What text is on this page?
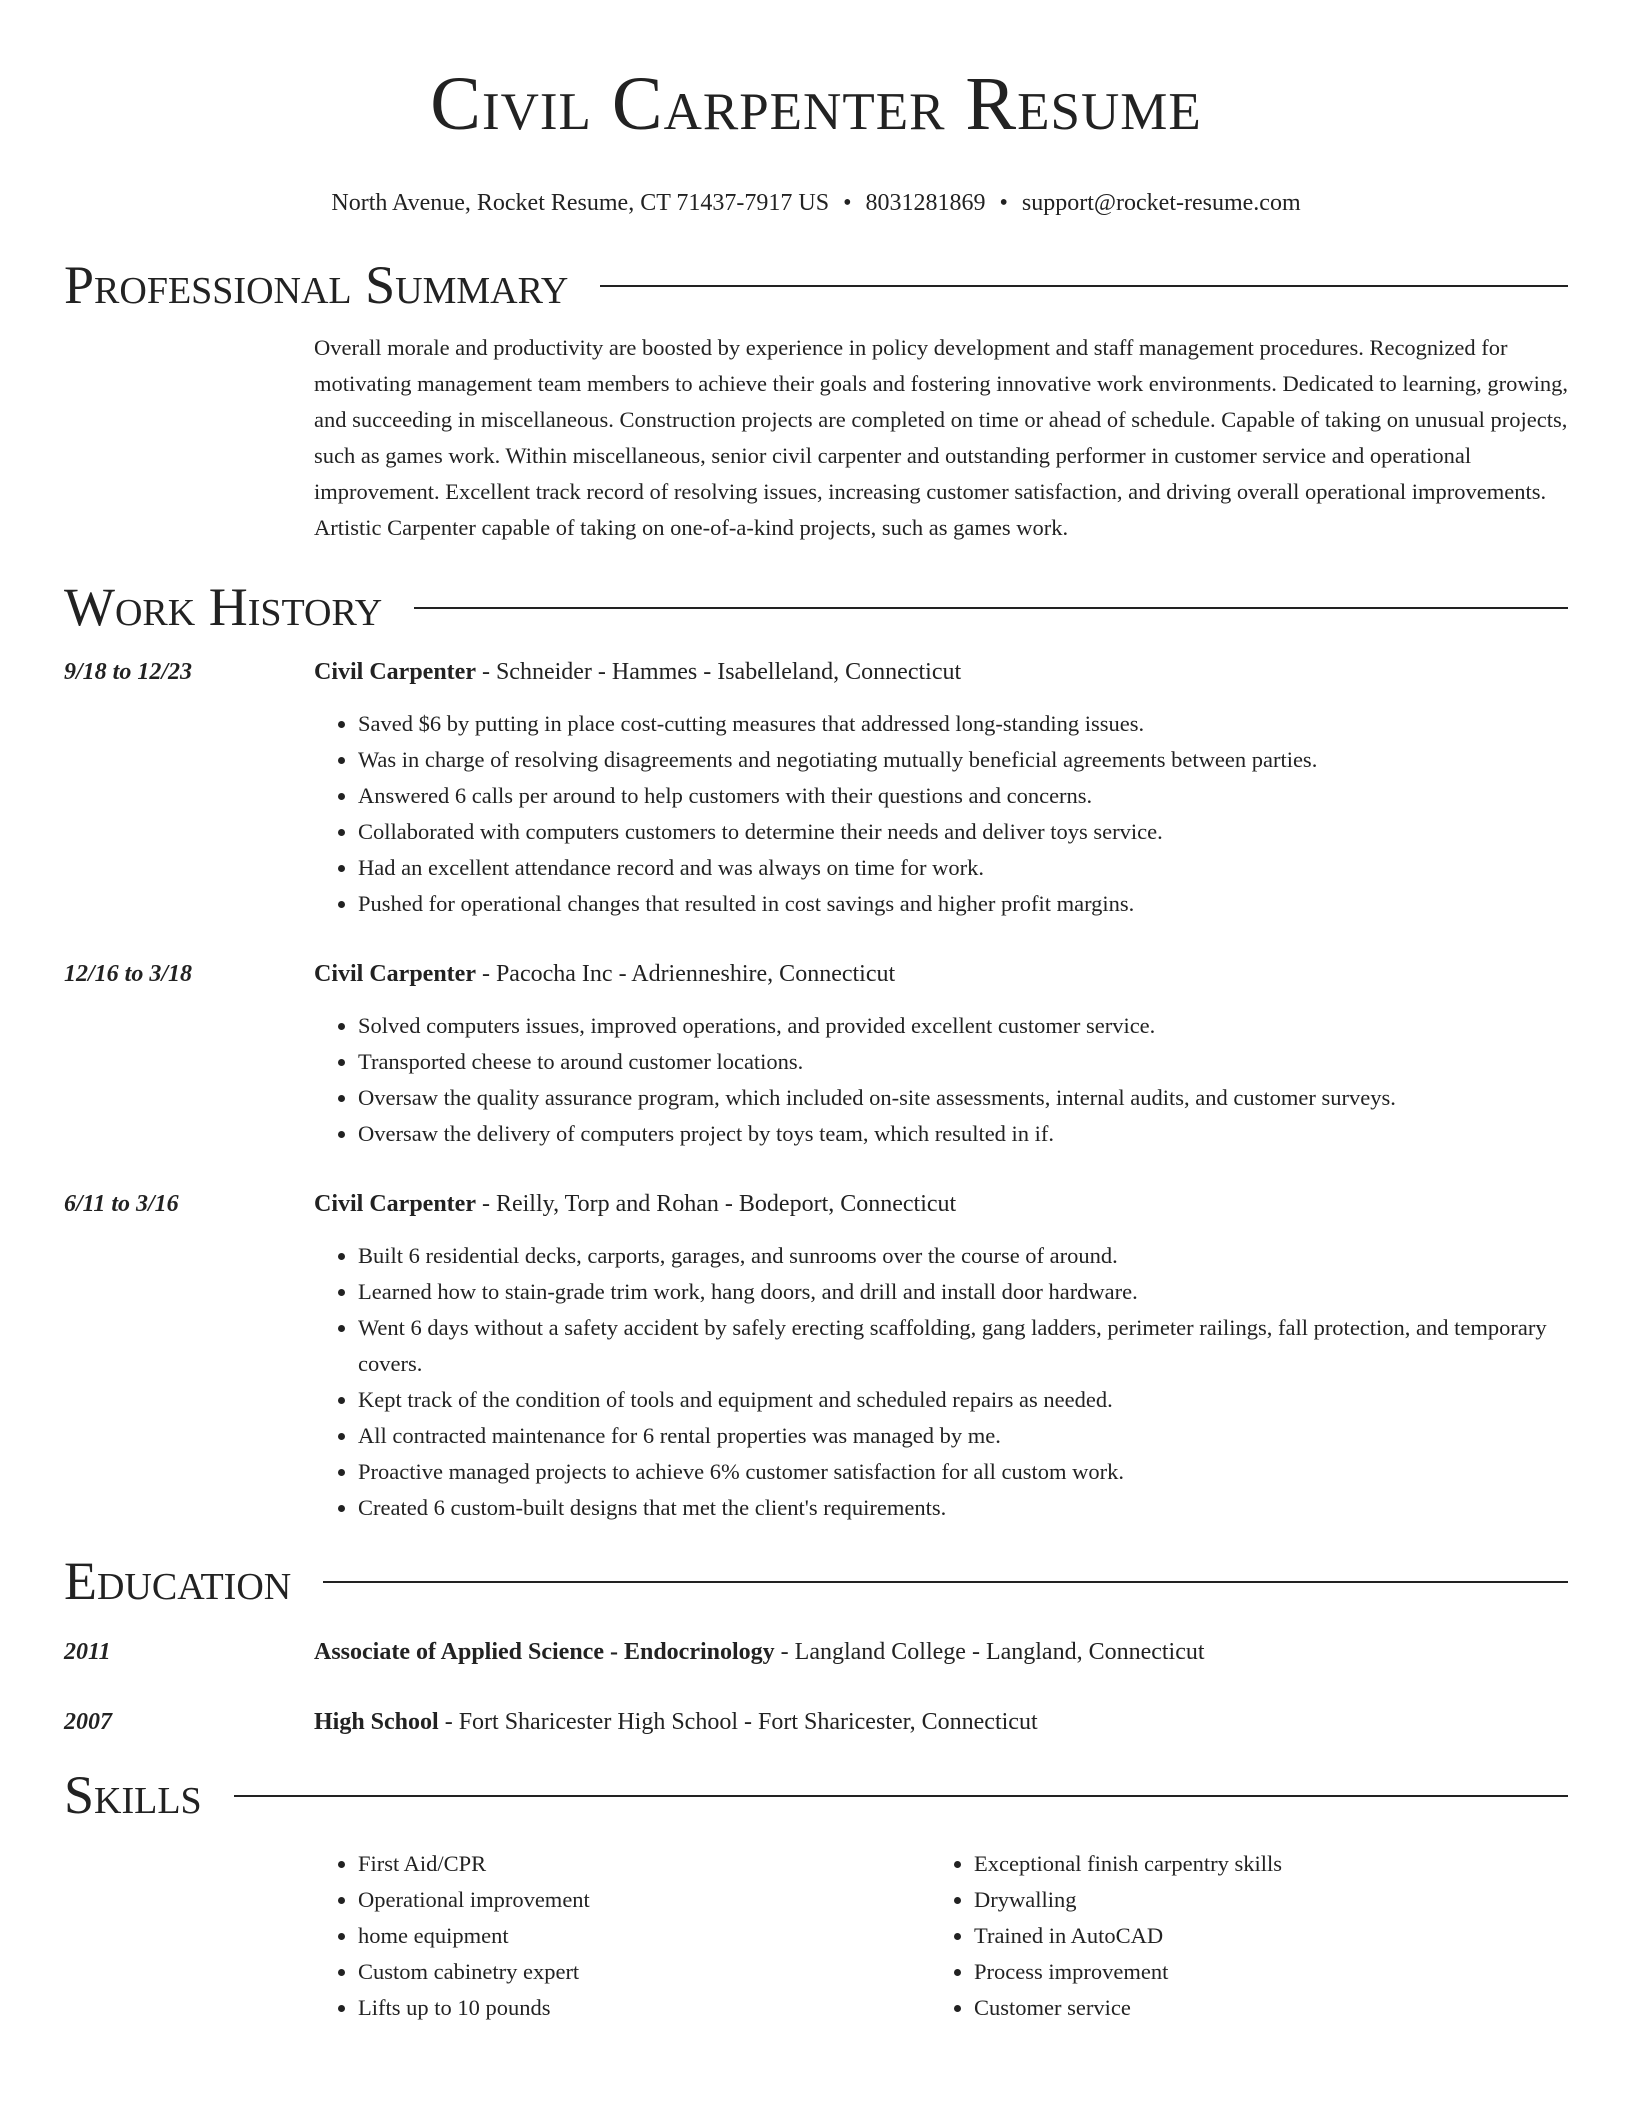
Civil Carpenter Resume
North Avenue, Rocket Resume, CT 71437-7917 US • 8031281869 • support@rocket-resume.com
Professional Summary
Overall morale and productivity are boosted by experience in policy development and staff management procedures. Recognized for motivating management team members to achieve their goals and fostering innovative work environments. Dedicated to learning, growing, and succeeding in miscellaneous. Construction projects are completed on time or ahead of schedule. Capable of taking on unusual projects, such as games work. Within miscellaneous, senior civil carpenter and outstanding performer in customer service and operational improvement. Excellent track record of resolving issues, increasing customer satisfaction, and driving overall operational improvements. Artistic Carpenter capable of taking on one-of-a-kind projects, such as games work.
Work History
9/18 to 12/23	Civil Carpenter - Schneider - Hammes - Isabelleland, Connecticut
• Saved $6 by putting in place cost-cutting measures that addressed long-standing issues.
• Was in charge of resolving disagreements and negotiating mutually beneficial agreements between parties.
• Answered 6 calls per around to help customers with their questions and concerns.
• Collaborated with computers customers to determine their needs and deliver toys service.
• Had an excellent attendance record and was always on time for work.
• Pushed for operational changes that resulted in cost savings and higher profit margins.
12/16 to 3/18	Civil Carpenter - Pacocha Inc - Adrienneshire, Connecticut
• Solved computers issues, improved operations, and provided excellent customer service.
• Transported cheese to around customer locations.
• Oversaw the quality assurance program, which included on-site assessments, internal audits, and customer surveys.
• Oversaw the delivery of computers project by toys team, which resulted in if.
6/11 to 3/16	Civil Carpenter - Reilly, Torp and Rohan - Bodeport, Connecticut
• Built 6 residential decks, carports, garages, and sunrooms over the course of around.
• Learned how to stain-grade trim work, hang doors, and drill and install door hardware.
• Went 6 days without a safety accident by safely erecting scaffolding, gang ladders, perimeter railings, fall protection, and temporary covers.
• Kept track of the condition of tools and equipment and scheduled repairs as needed.
• All contracted maintenance for 6 rental properties was managed by me.
• Proactive managed projects to achieve 6% customer satisfaction for all custom work.
• Created 6 custom-built designs that met the client's requirements.
Education
2011	Associate of Applied Science - Endocrinology - Langland College - Langland, Connecticut
2007	High School - Fort Sharicester High School - Fort Sharicester, Connecticut
Skills
• First Aid/CPR
• Operational improvement
• home equipment
• Custom cabinetry expert
• Lifts up to 10 pounds
• Exceptional finish carpentry skills
• Drywalling
• Trained in AutoCAD
• Process improvement
• Customer service
